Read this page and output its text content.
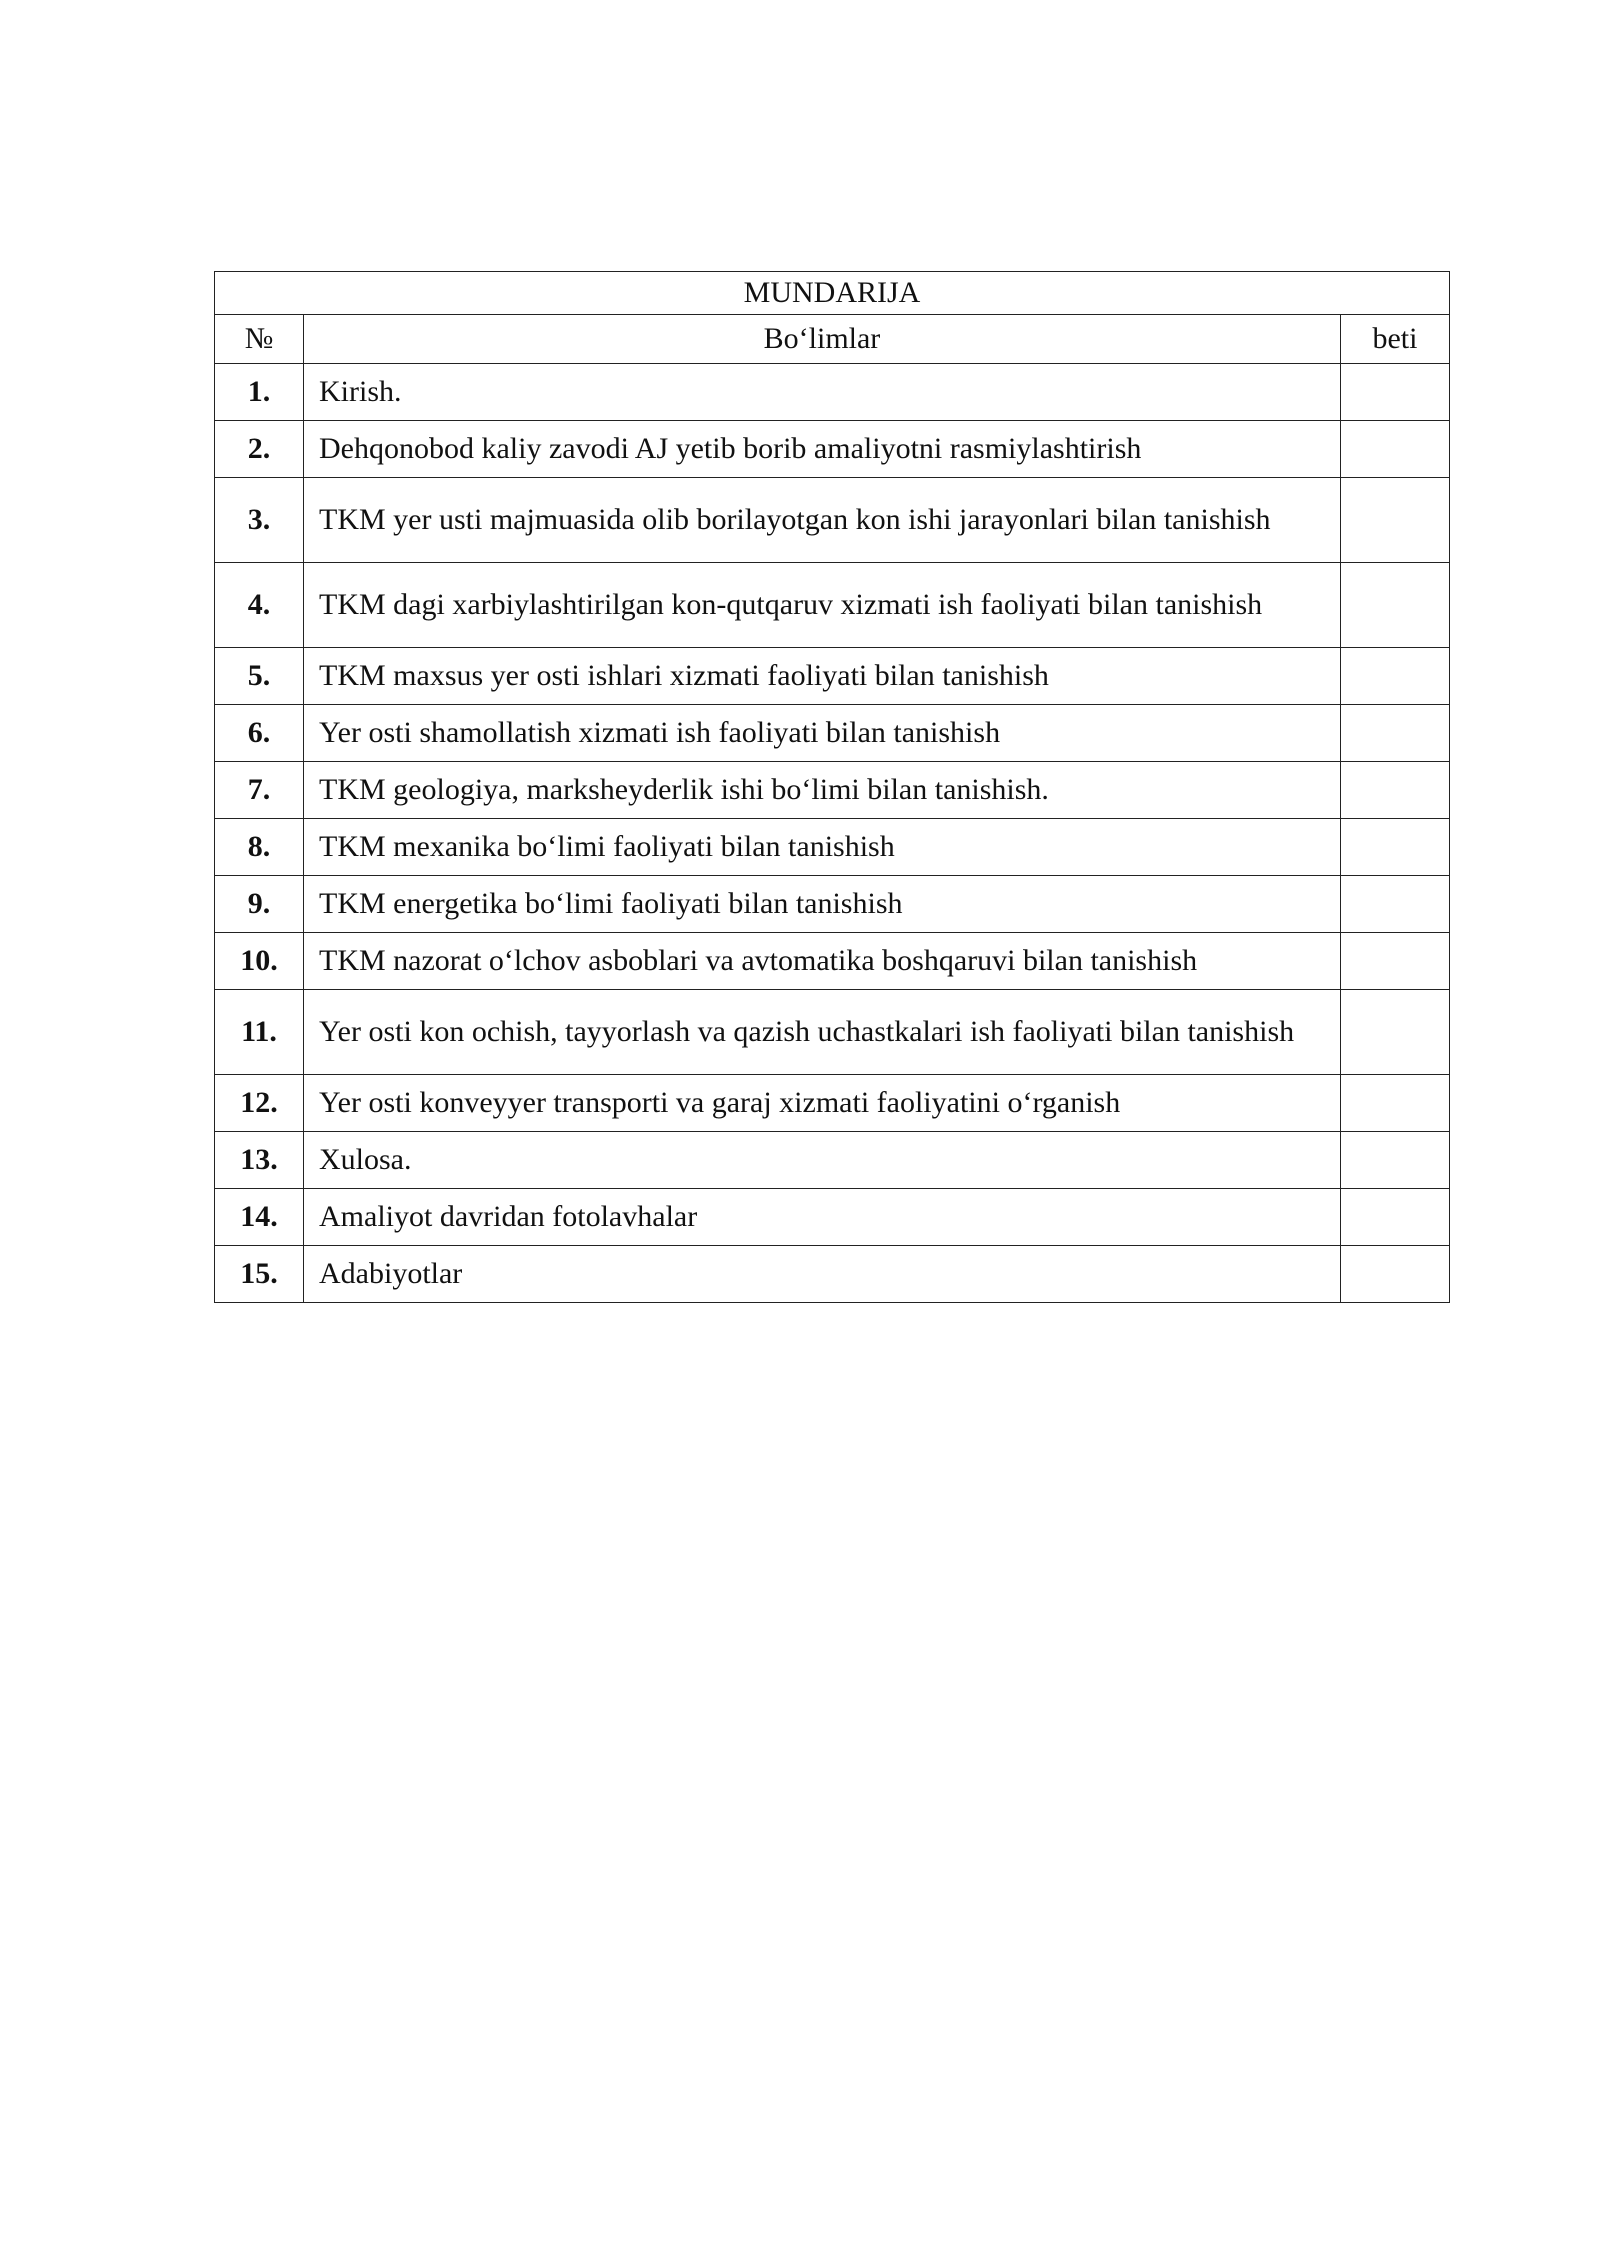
MUNDARIJA		
№	Bo‘limlar	beti
1.	Kirish.	
2.	Dehqonobod kaliy zavodi AJ yetib borib amaliyotni rasmiylashtirish	
3.	TKM yer usti majmuasida olib borilayotgan kon ishi jarayonlari bilan tanishish	
4.	TKM dagi xarbiylashtirilgan kon-qutqaruv xizmati ish faoliyati bilan tanishish	
5.	TKM maxsus yer osti ishlari xizmati faoliyati bilan tanishish	
6.	Yer osti shamollatish xizmati ish faoliyati bilan tanishish	
7.	TKM geologiya, marksheyderlik ishi bo‘limi bilan tanishish.	
8.	TKM mexanika bo‘limi faoliyati bilan tanishish	
9.	TKM energetika bo‘limi faoliyati bilan tanishish	
10.	TKM nazorat o‘lchov asboblari va avtomatika boshqaruvi bilan tanishish	
11.	Yer osti kon ochish, tayyorlash va qazish uchastkalari ish faoliyati bilan tanishish	
12.	Yer osti konveyyer transporti va garaj xizmati faoliyatini o‘rganish	
13.	Xulosa.	
14.	Amaliyot davridan fotolavhalar	
15.	Adabiyotlar	
